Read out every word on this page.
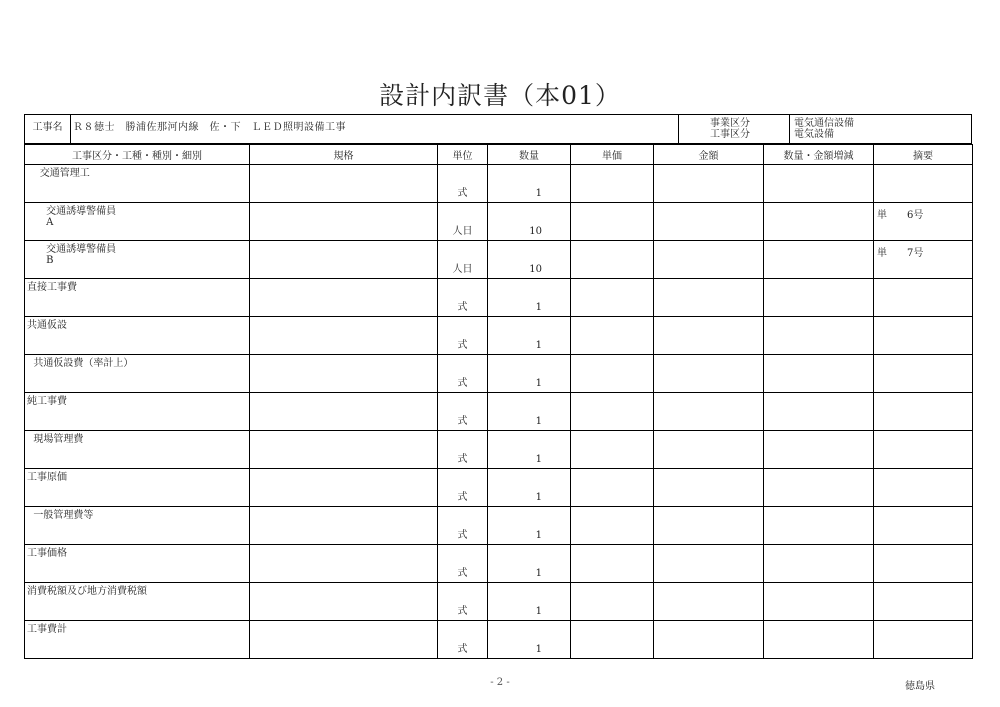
設計内訳書（本01）
工事名	Ｒ８徳士　勝浦佐那河内線　佐・下　ＬＥＤ照明設備工事	事業区分
工事区分
電気通信設備
電気設備
工事区分・工種・種別・細別	規格	単位	数量	単価	金額	数量・金額増減	摘要

交通管理工		式	1				

交通誘導警備員
A		人日	10				単　　6号

交通誘導警備員
B		人日	10				単　　7号

直接工事費		式	1				

共通仮設		式	1				

共通仮設費（率計上）		式	1				

純工事費		式	1				

現場管理費		式	1				

工事原価		式	1				

一般管理費等		式	1				

工事価格		式	1				

消費税額及び地方消費税額		式	1				

工事費計		式	1				

- 2 -	徳島県
